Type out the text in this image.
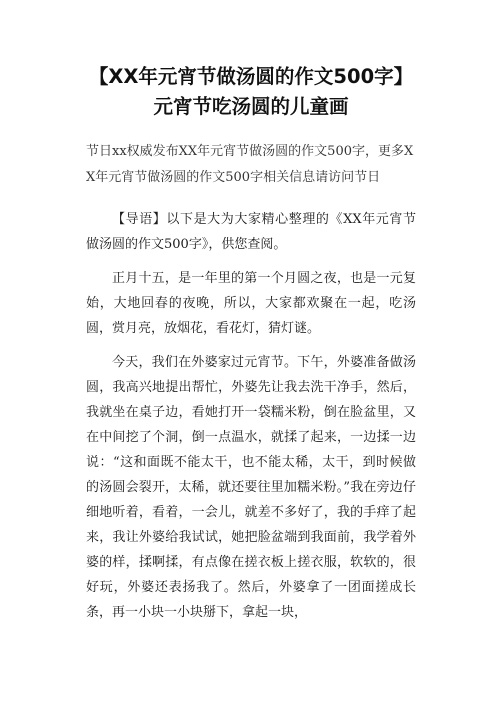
【XX年元宵节做汤圆的作文500字】元宵节吃汤圆的儿童画

节日xx权威发布XX年元宵节做汤圆的作文500字，更多XX年元宵节做汤圆的作文500字相关信息请访问节日

【导语】以下是大为大家精心整理的《XX年元宵节做汤圆的作文500字》，供您查阅。

正月十五，是一年里的第一个月圆之夜，也是一元复始，大地回春的夜晚，所以，大家都欢聚在一起，吃汤圆，赏月亮，放烟花，看花灯，猜灯谜。

今天，我们在外婆家过元宵节。下午，外婆准备做汤圆，我高兴地提出帮忙，外婆先让我去洗干净手，然后，我就坐在桌子边，看她打开一袋糯米粉，倒在脸盆里，又在中间挖了个洞，倒一点温水，就揉了起来，一边揉一边说：“这和面既不能太干，也不能太稀，太干，到时候做的汤圆会裂开，太稀，就还要往里加糯米粉。”我在旁边仔细地听着，看着，一会儿，就差不多好了，我的手痒了起来，我让外婆给我试试，她把脸盆端到我面前，我学着外婆的样，揉啊揉，有点像在搓衣板上搓衣服，软软的，很好玩，外婆还表扬我了。然后，外婆拿了一团面搓成长条，再一小块一小块掰下，拿起一块，
